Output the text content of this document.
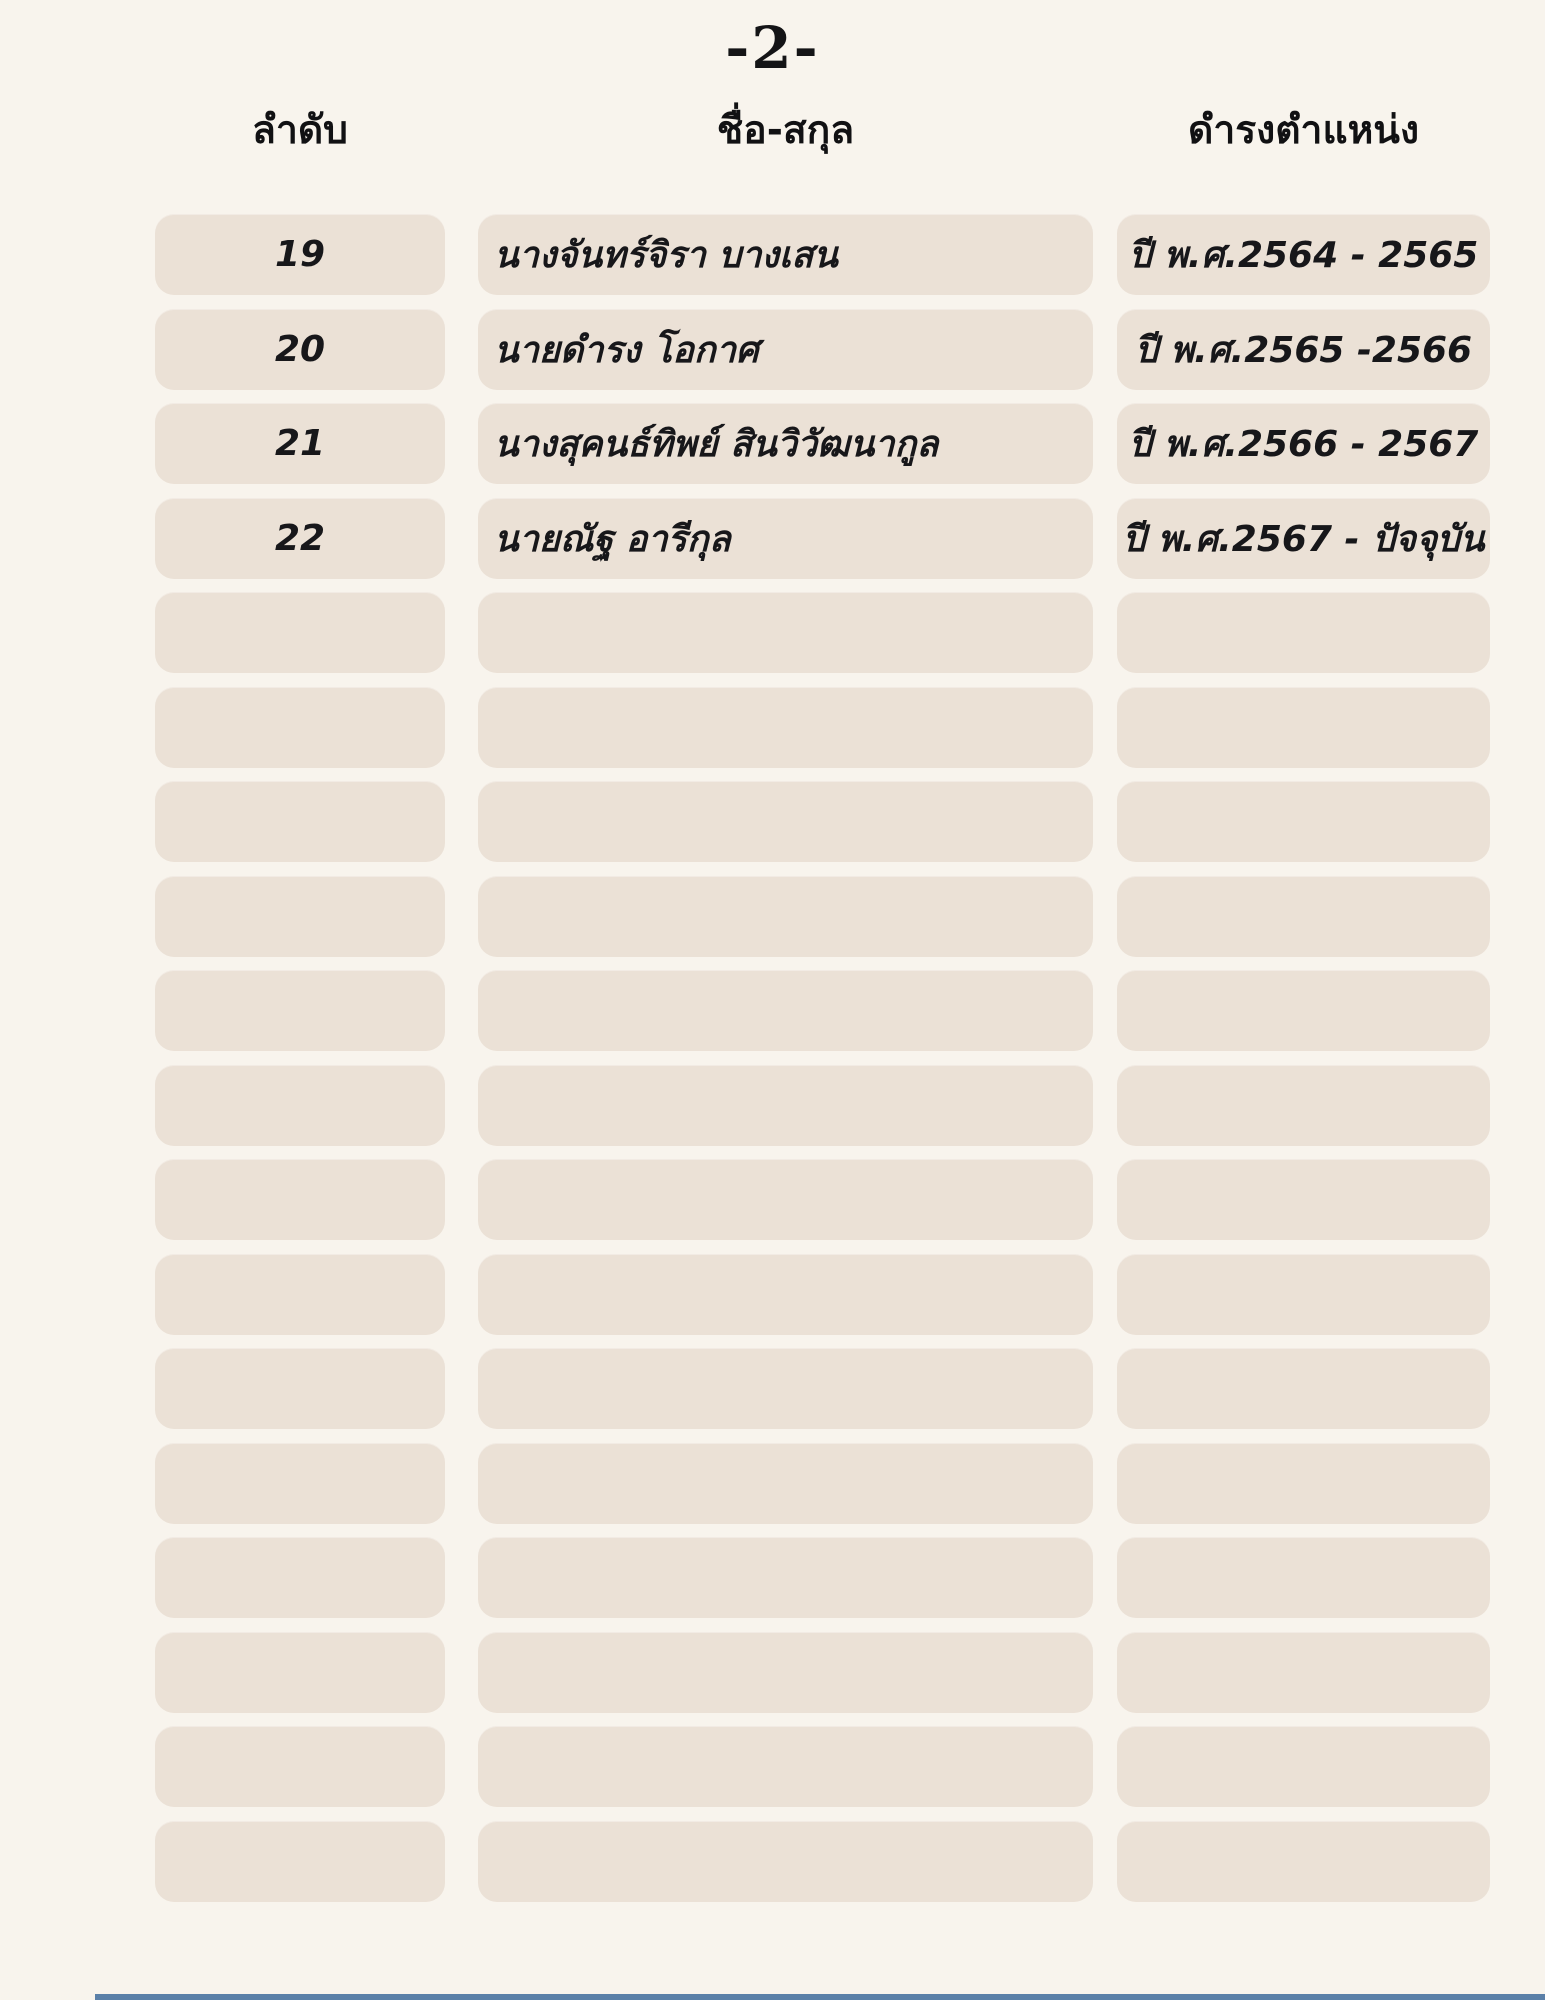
-2-
ลำดับ	ชื่อ-สกุล	ดำรงตำแหน่ง
19	นางจันทร์จิรา บางเสน	ปี พ.ศ.2564 - 2565
20	นายดำรง โอกาศ	ปี พ.ศ.2565 -2566
21	นางสุคนธ์ทิพย์ สินวิวัฒนากูล	ปี พ.ศ.2566 - 2567
22	นายณัฐ อารีกุล	ปี พ.ศ.2567 - ปัจจุบัน
